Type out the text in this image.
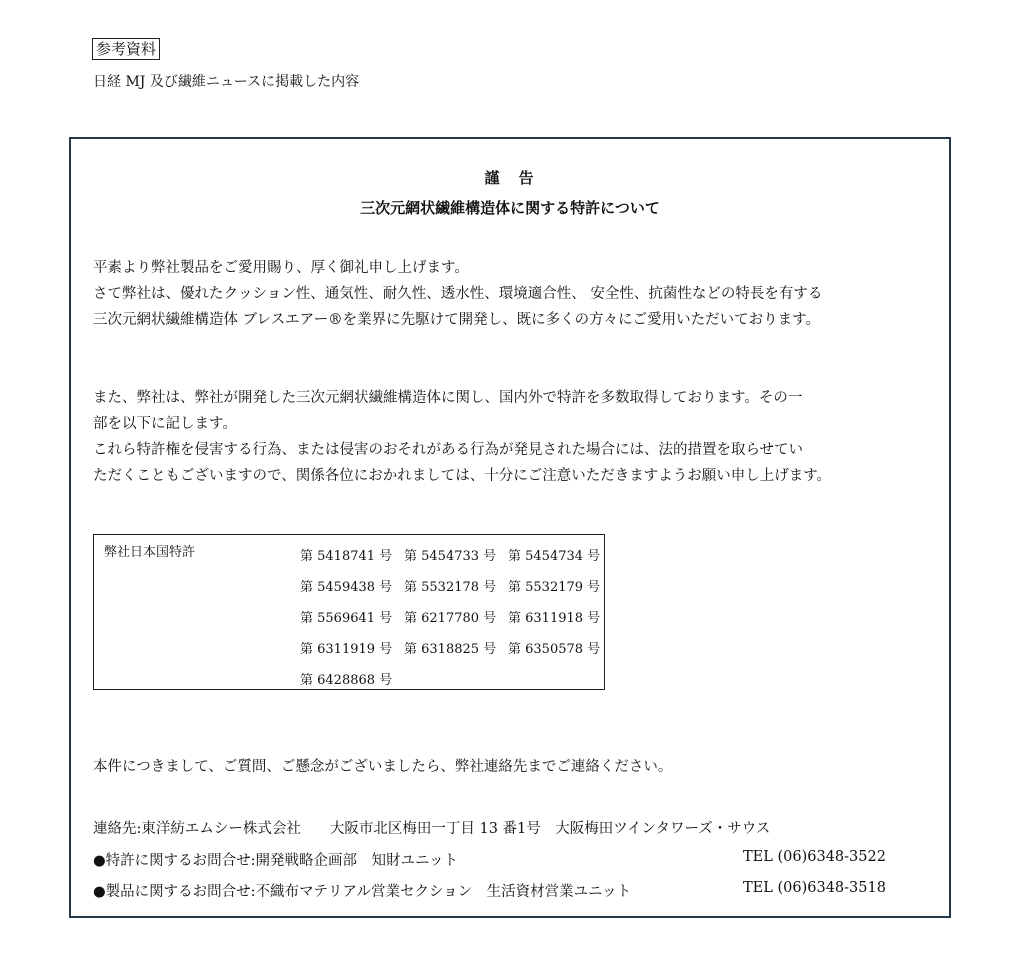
参考資料
日経 MJ 及び繊維ニュースに掲載した内容
謹　告
三次元網状繊維構造体に関する特許について
平素より弊社製品をご愛用賜り、厚く御礼申し上げます。
さて弊社は、優れたクッション性、通気性、耐久性、透水性、環境適合性、 安全性、抗菌性などの特長を有する
三次元網状繊維構造体 ブレスエアー®を業界に先駆けて開発し、既に多くの方々にご愛用いただいております。
また、弊社は、弊社が開発した三次元網状繊維構造体に関し、国内外で特許を多数取得しております。その一
部を以下に記します。
これら特許権を侵害する行為、または侵害のおそれがある行為が発見された場合には、法的措置を取らせてい
ただくこともございますので、関係各位におかれましては、十分にご注意いただきますようお願い申し上げます。
弊社日本国特許	第 5418741 号 第 5454733 号 第 5454734 号
第 5459438 号 第 5532178 号 第 5532179 号
第 5569641 号 第 6217780 号 第 6311918 号
第 6311919 号 第 6318825 号 第 6350578 号
第 6428868 号
本件につきまして、ご質問、ご懸念がございましたら、弊社連絡先までご連絡ください。
連絡先:東洋紡エムシー株式会社　　大阪市北区梅田一丁目 13 番1号　大阪梅田ツインタワーズ・サウス
●特許に関するお問合せ:開発戦略企画部　知財ユニット	TEL (06)6348-3522
●製品に関するお問合せ:不織布マテリアル営業セクション　生活資材営業ユニット	TEL (06)6348-3518
